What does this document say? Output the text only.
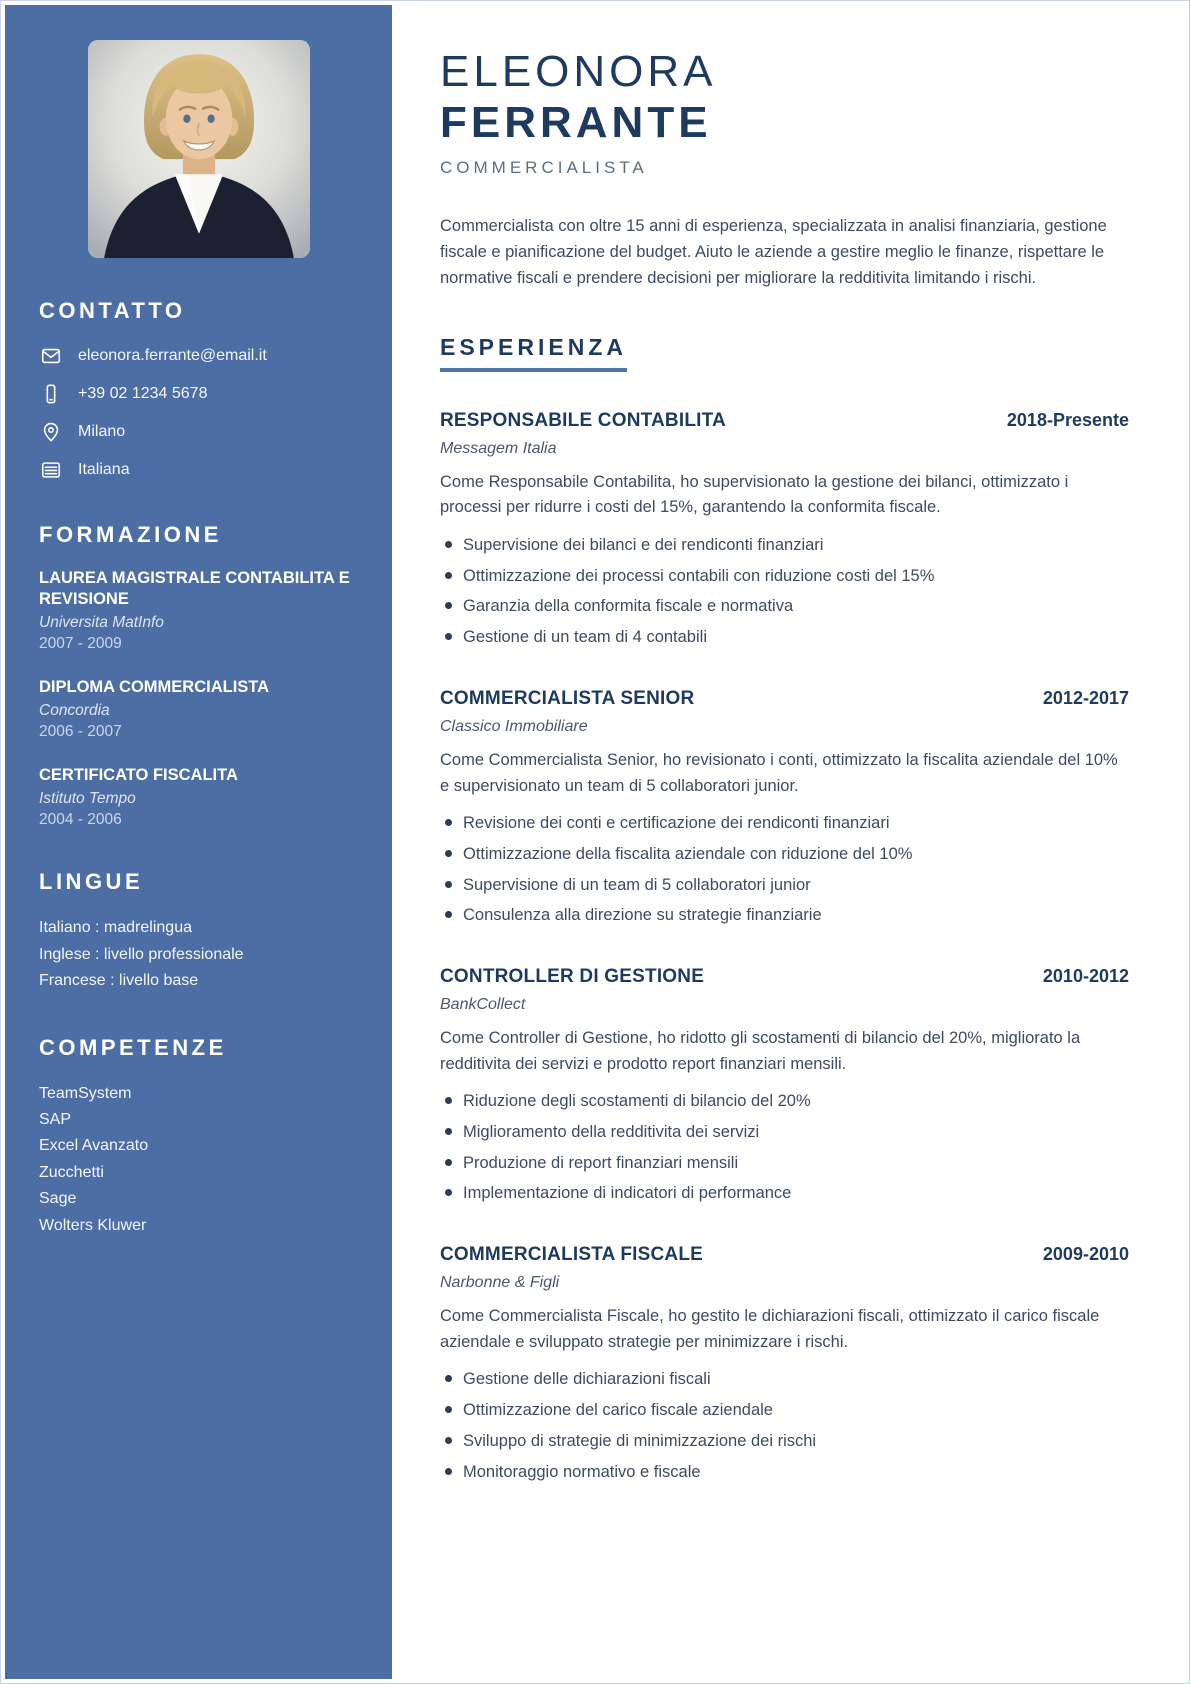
CONTATTO
eleonora.ferrante@email.it
+39 02 1234 5678
Milano
Italiana
FORMAZIONE
LAUREA MAGISTRALE CONTABILITA E REVISIONE
Universita MatInfo
2007 - 2009
DIPLOMA COMMERCIALISTA
Concordia
2006 - 2007
CERTIFICATO FISCALITA
Istituto Tempo
2004 - 2006
LINGUE
Italiano : madrelingua
Inglese : livello professionale
Francese : livello base
COMPETENZE
TeamSystem
SAP
Excel Avanzato
Zucchetti
Sage
Wolters Kluwer
ELEONORA
FERRANTE
COMMERCIALISTA

Commercialista con oltre 15 anni di esperienza, specializzata in analisi finanziaria, gestione fiscale e pianificazione del budget. Aiuto le aziende a gestire meglio le finanze, rispettare le normative fiscali e prendere decisioni per migliorare la redditivita limitando i rischi.

ESPERIENZA
RESPONSABILE CONTABILITA	2018-Presente
Messagem Italia

Come Responsabile Contabilita, ho supervisionato la gestione dei bilanci, ottimizzato i processi per ridurre i costi del 15%, garantendo la conformita fiscale.

Supervisione dei bilanci e dei rendiconti finanziari
Ottimizzazione dei processi contabili con riduzione costi del 15%
Garanzia della conformita fiscale e normativa
Gestione di un team di 4 contabili
COMMERCIALISTA SENIOR	2012-2017
Classico Immobiliare

Come Commercialista Senior, ho revisionato i conti, ottimizzato la fiscalita aziendale del 10% e supervisionato un team di 5 collaboratori junior.

Revisione dei conti e certificazione dei rendiconti finanziari
Ottimizzazione della fiscalita aziendale con riduzione del 10%
Supervisione di un team di 5 collaboratori junior
Consulenza alla direzione su strategie finanziarie
CONTROLLER DI GESTIONE	2010-2012
BankCollect

Come Controller di Gestione, ho ridotto gli scostamenti di bilancio del 20%, migliorato la redditivita dei servizi e prodotto report finanziari mensili.

Riduzione degli scostamenti di bilancio del 20%
Miglioramento della redditivita dei servizi
Produzione di report finanziari mensili
Implementazione di indicatori di performance
COMMERCIALISTA FISCALE	2009-2010
Narbonne & Figli

Come Commercialista Fiscale, ho gestito le dichiarazioni fiscali, ottimizzato il carico fiscale aziendale e sviluppato strategie per minimizzare i rischi.

Gestione delle dichiarazioni fiscali
Ottimizzazione del carico fiscale aziendale
Sviluppo di strategie di minimizzazione dei rischi
Monitoraggio normativo e fiscale
